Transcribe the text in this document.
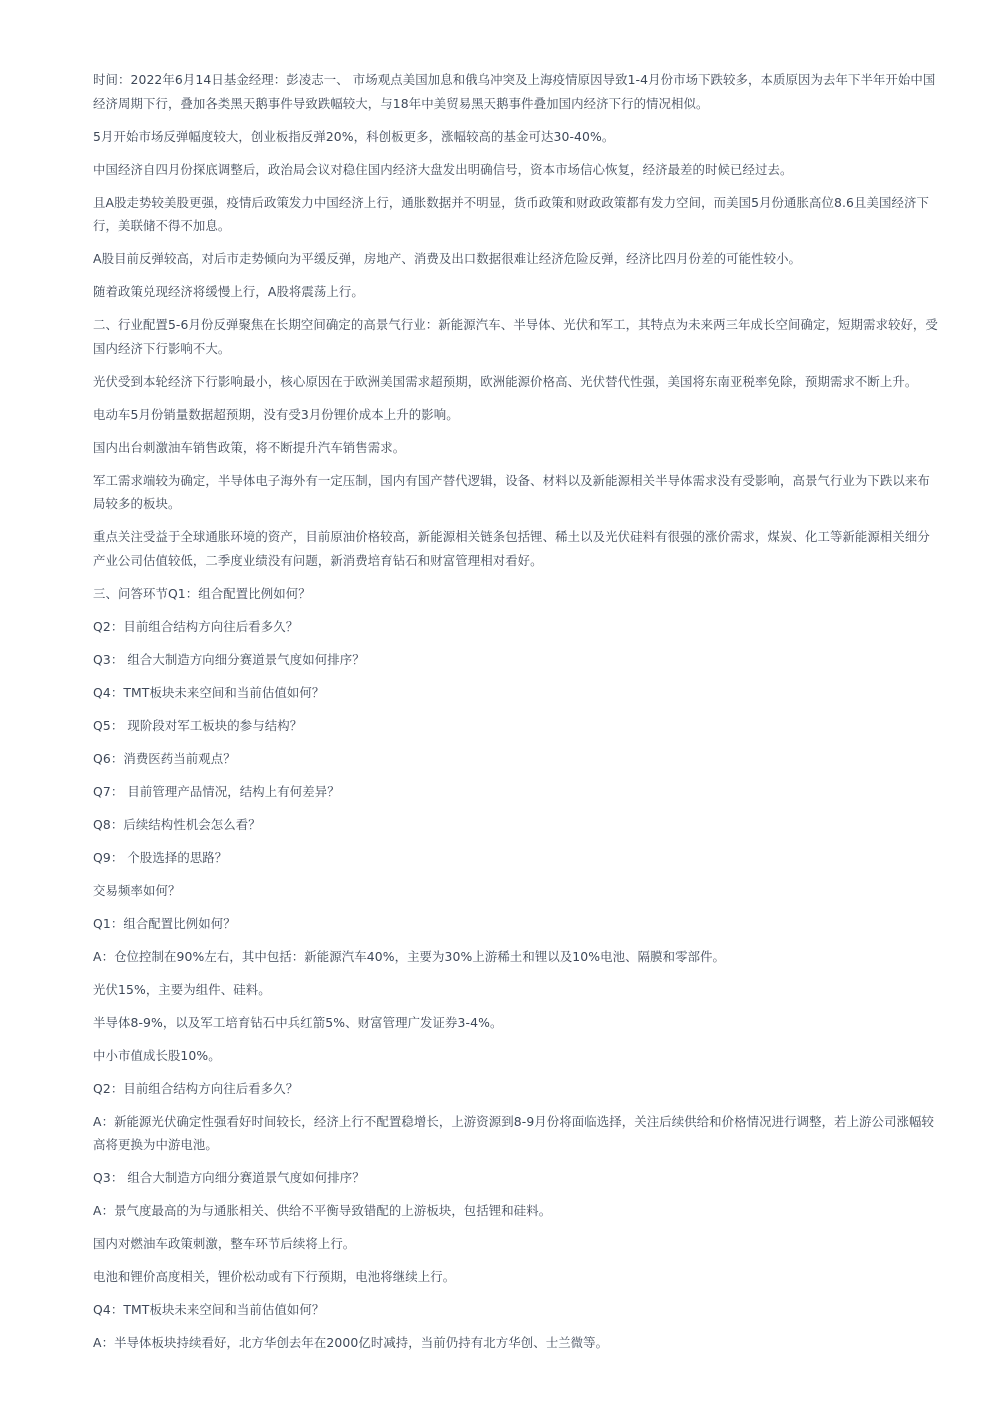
时间：2022年6月14日基金经理：彭凌志一、 市场观点美国加息和俄乌冲突及上海疫情原因导致1-4月份市场下跌较多，本质原因为去年下半年开始中国经济周期下行，叠加各类黑天鹅事件导致跌幅较大，与18年中美贸易黑天鹅事件叠加国内经济下行的情况相似。

5月开始市场反弹幅度较大，创业板指反弹20%，科创板更多，涨幅较高的基金可达30-40%。

中国经济自四月份探底调整后，政治局会议对稳住国内经济大盘发出明确信号，资本市场信心恢复，经济最差的时候已经过去。

且A股走势较美股更强，疫情后政策发力中国经济上行，通胀数据并不明显，货币政策和财政政策都有发力空间，而美国5月份通胀高位8.6且美国经济下行，美联储不得不加息。

A股目前反弹较高，对后市走势倾向为平缓反弹，房地产、消费及出口数据很难让经济危险反弹，经济比四月份差的可能性较小。

随着政策兑现经济将缓慢上行，A股将震荡上行。

二、行业配置5-6月份反弹聚焦在长期空间确定的高景气行业：新能源汽车、半导体、光伏和军工，其特点为未来两三年成长空间确定，短期需求较好，受国内经济下行影响不大。

光伏受到本轮经济下行影响最小，核心原因在于欧洲美国需求超预期，欧洲能源价格高、光伏替代性强，美国将东南亚税率免除，预期需求不断上升。

电动车5月份销量数据超预期，没有受3月份锂价成本上升的影响。

国内出台刺激油车销售政策，将不断提升汽车销售需求。

军工需求端较为确定，半导体电子海外有一定压制，国内有国产替代逻辑，设备、材料以及新能源相关半导体需求没有受影响，高景气行业为下跌以来布局较多的板块。

重点关注受益于全球通胀环境的资产，目前原油价格较高，新能源相关链条包括锂、稀土以及光伏硅料有很强的涨价需求，煤炭、化工等新能源相关细分产业公司估值较低，二季度业绩没有问题，新消费培育钻石和财富管理相对看好。

三、问答环节Q1：组合配置比例如何？

Q2：目前组合结构方向往后看多久？

Q3： 组合大制造方向细分赛道景气度如何排序？

Q4：TMT板块未来空间和当前估值如何？

Q5： 现阶段对军工板块的参与结构？

Q6：消费医药当前观点？

Q7： 目前管理产品情况，结构上有何差异？

Q8：后续结构性机会怎么看？

Q9： 个股选择的思路？

交易频率如何？

Q1：组合配置比例如何？

A：仓位控制在90%左右，其中包括：新能源汽车40%，主要为30%上游稀土和锂以及10%电池、隔膜和零部件。

光伏15%，主要为组件、硅料。

半导体8-9%，以及军工培育钻石中兵红箭5%、财富管理广发证券3-4%。

中小市值成长股10%。

Q2：目前组合结构方向往后看多久？

A：新能源光伏确定性强看好时间较长，经济上行不配置稳增长，上游资源到8-9月份将面临选择，关注后续供给和价格情况进行调整，若上游公司涨幅较高将更换为中游电池。

Q3： 组合大制造方向细分赛道景气度如何排序？

A：景气度最高的为与通胀相关、供给不平衡导致错配的上游板块，包括锂和硅料。

国内对燃油车政策刺激，整车环节后续将上行。

电池和锂价高度相关，锂价松动或有下行预期，电池将继续上行。

Q4：TMT板块未来空间和当前估值如何？

A：半导体板块持续看好，北方华创去年在2000亿时减持，当前仍持有北方华创、士兰微等。
